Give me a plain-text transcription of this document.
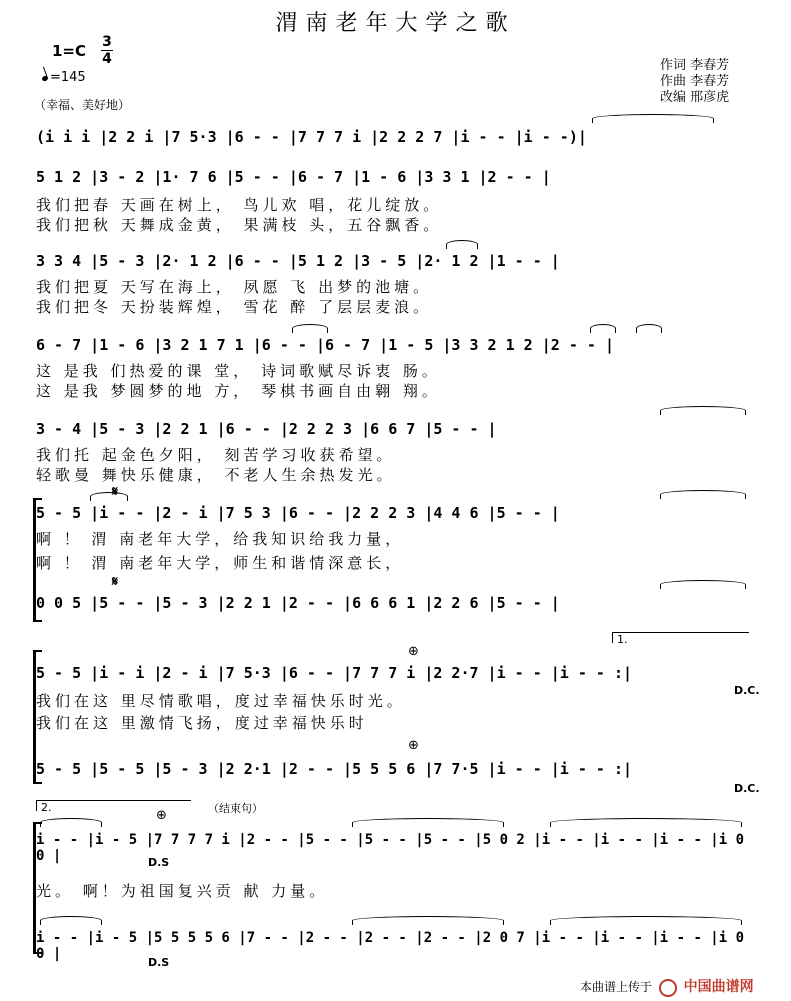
渭南老年大学之歌
1=C 3
4
=145
（幸福、美好地）
作词 李春芳
作曲 李春芳
改编 邢彦虎
(i i i |2 2 i |7 5·3 |6 - - |7 7 7 i |2 2 2 7 |i - - |i - -)|
5 1 2 |3 - 2 |1· 7 6 |5 - - |6 - 7 |1 - 6 |3 3 1 |2 - - |
我们把春 天画在树上， 鸟儿欢 唱，花儿绽放。
我们把秋 天舞成金黄， 果满枝 头，五谷飘香。
3 3 4 |5 - 3 |2· 1 2 |6 - - |5 1 2 |3 - 5 |2· 1 2 |1 - - |
我们把夏 天写在海上， 夙愿 飞 出梦的池塘。
我们把冬 天扮装辉煌， 雪花 醉 了层层麦浪。
6 - 7 |1 - 6 |3 2 1 7 1 |6 - - |6 - 7 |1 - 5 |3 3 2 1 2 |2 - - |
这 是我 们热爱的课 堂， 诗词歌赋尽诉衷 肠。
这 是我 梦圆梦的地 方， 琴棋书画自由翱 翔。
3 - 4 |5 - 3 |2 2 1 |6 - - |2 2 2 3 |6 6 7 |5 - - |
我们托 起金色夕阳， 刻苦学习收获希望。
轻歌曼 舞快乐健康， 不老人生余热发光。
𝄋
5 - 5 |i - - |2 - i |7 5 3 |6 - - |2 2 2 3 |4 4 6 |5 - - |
啊 ！ 渭 南老年大学，给我知识给我力量，
啊 ！ 渭 南老年大学，师生和谐情深意长，
𝄋
0 0 5 |5 - - |5 - 3 |2 2 1 |2 - - |6 6 6 1 |2 2 6 |5 - - |
1.
⊕
5 - 5 |i - i |2 - i |7 5·3 |6 - - |7 7 7 i |2 2·7 |i - - |i - - :|
D.C.
我们在这 里尽情歌唱，度过幸福快乐时光。
我们在这 里激情飞扬，度过幸福快乐时
⊕
5 - 5 |5 - 5 |5 - 3 |2 2·1 |2 - - |5 5 5 6 |7 7·5 |i - - |i - - :|
D.C.
2.
⊕	（结束句）
i - - |i - 5 |7 7 7 7 i |2 - - |5 - - |5 - - |5 - - |5 0 2 |i - - |i - - |i - - |i 0 0 |	D.S
光。 啊！为祖国复兴贡 献 力量。
i - - |i - 5 |5 5 5 5 6 |7 - - |2 - - |2 - - |2 - - |2 0 7 |i - - |i - - |i - - |i 0 0 |
D.S
本曲谱上传于 中国曲谱网
